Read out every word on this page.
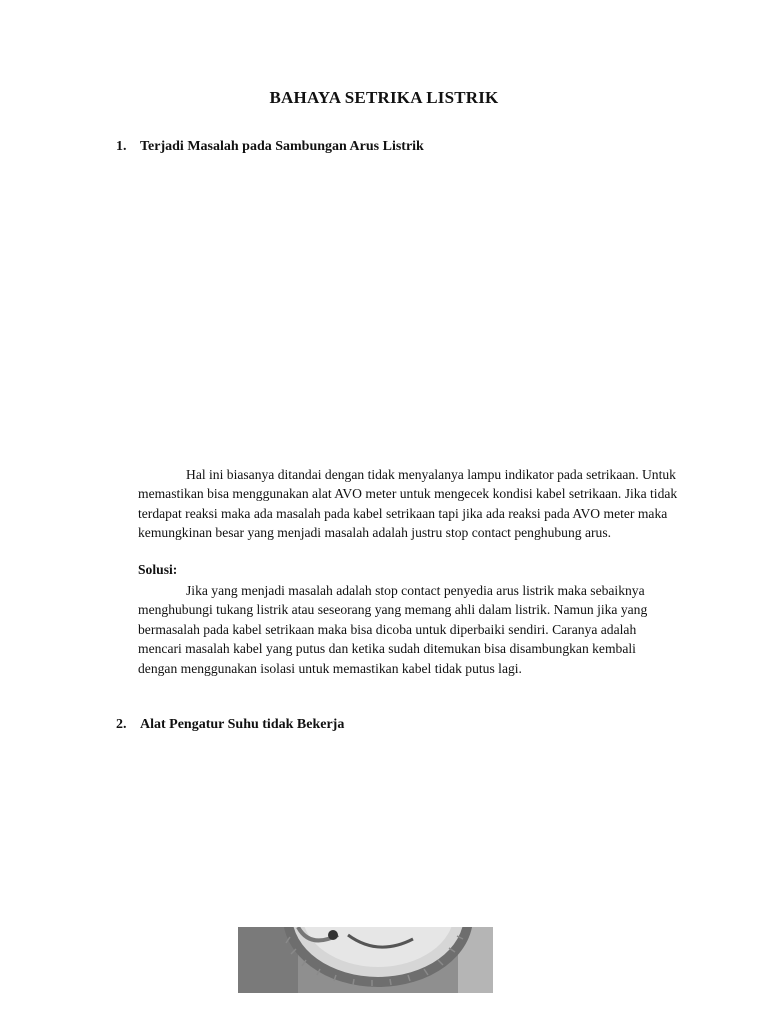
BAHAYA SETRIKA LISTRIK
1. Terjadi Masalah pada Sambungan Arus Listrik

Hal ini biasanya ditandai dengan tidak menyalanya lampu indikator pada setrikaan. Untuk memastikan bisa menggunakan alat AVO meter untuk mengecek kondisi kabel setrikaan. Jika tidak terdapat reaksi maka ada masalah pada kabel setrikaan tapi jika ada reaksi pada AVO meter maka kemungkinan besar yang menjadi masalah adalah justru stop contact penghubung arus.

Solusi:

Jika yang menjadi masalah adalah stop contact penyedia arus listrik maka sebaiknya menghubungi tukang listrik atau seseorang yang memang ahli dalam listrik. Namun jika yang bermasalah pada kabel setrikaan maka bisa dicoba untuk diperbaiki sendiri. Caranya adalah mencari masalah kabel yang putus dan ketika sudah ditemukan bisa disambungkan kembali dengan menggunakan isolasi untuk memastikan kabel tidak putus lagi.

2. Alat Pengatur Suhu tidak Bekerja
